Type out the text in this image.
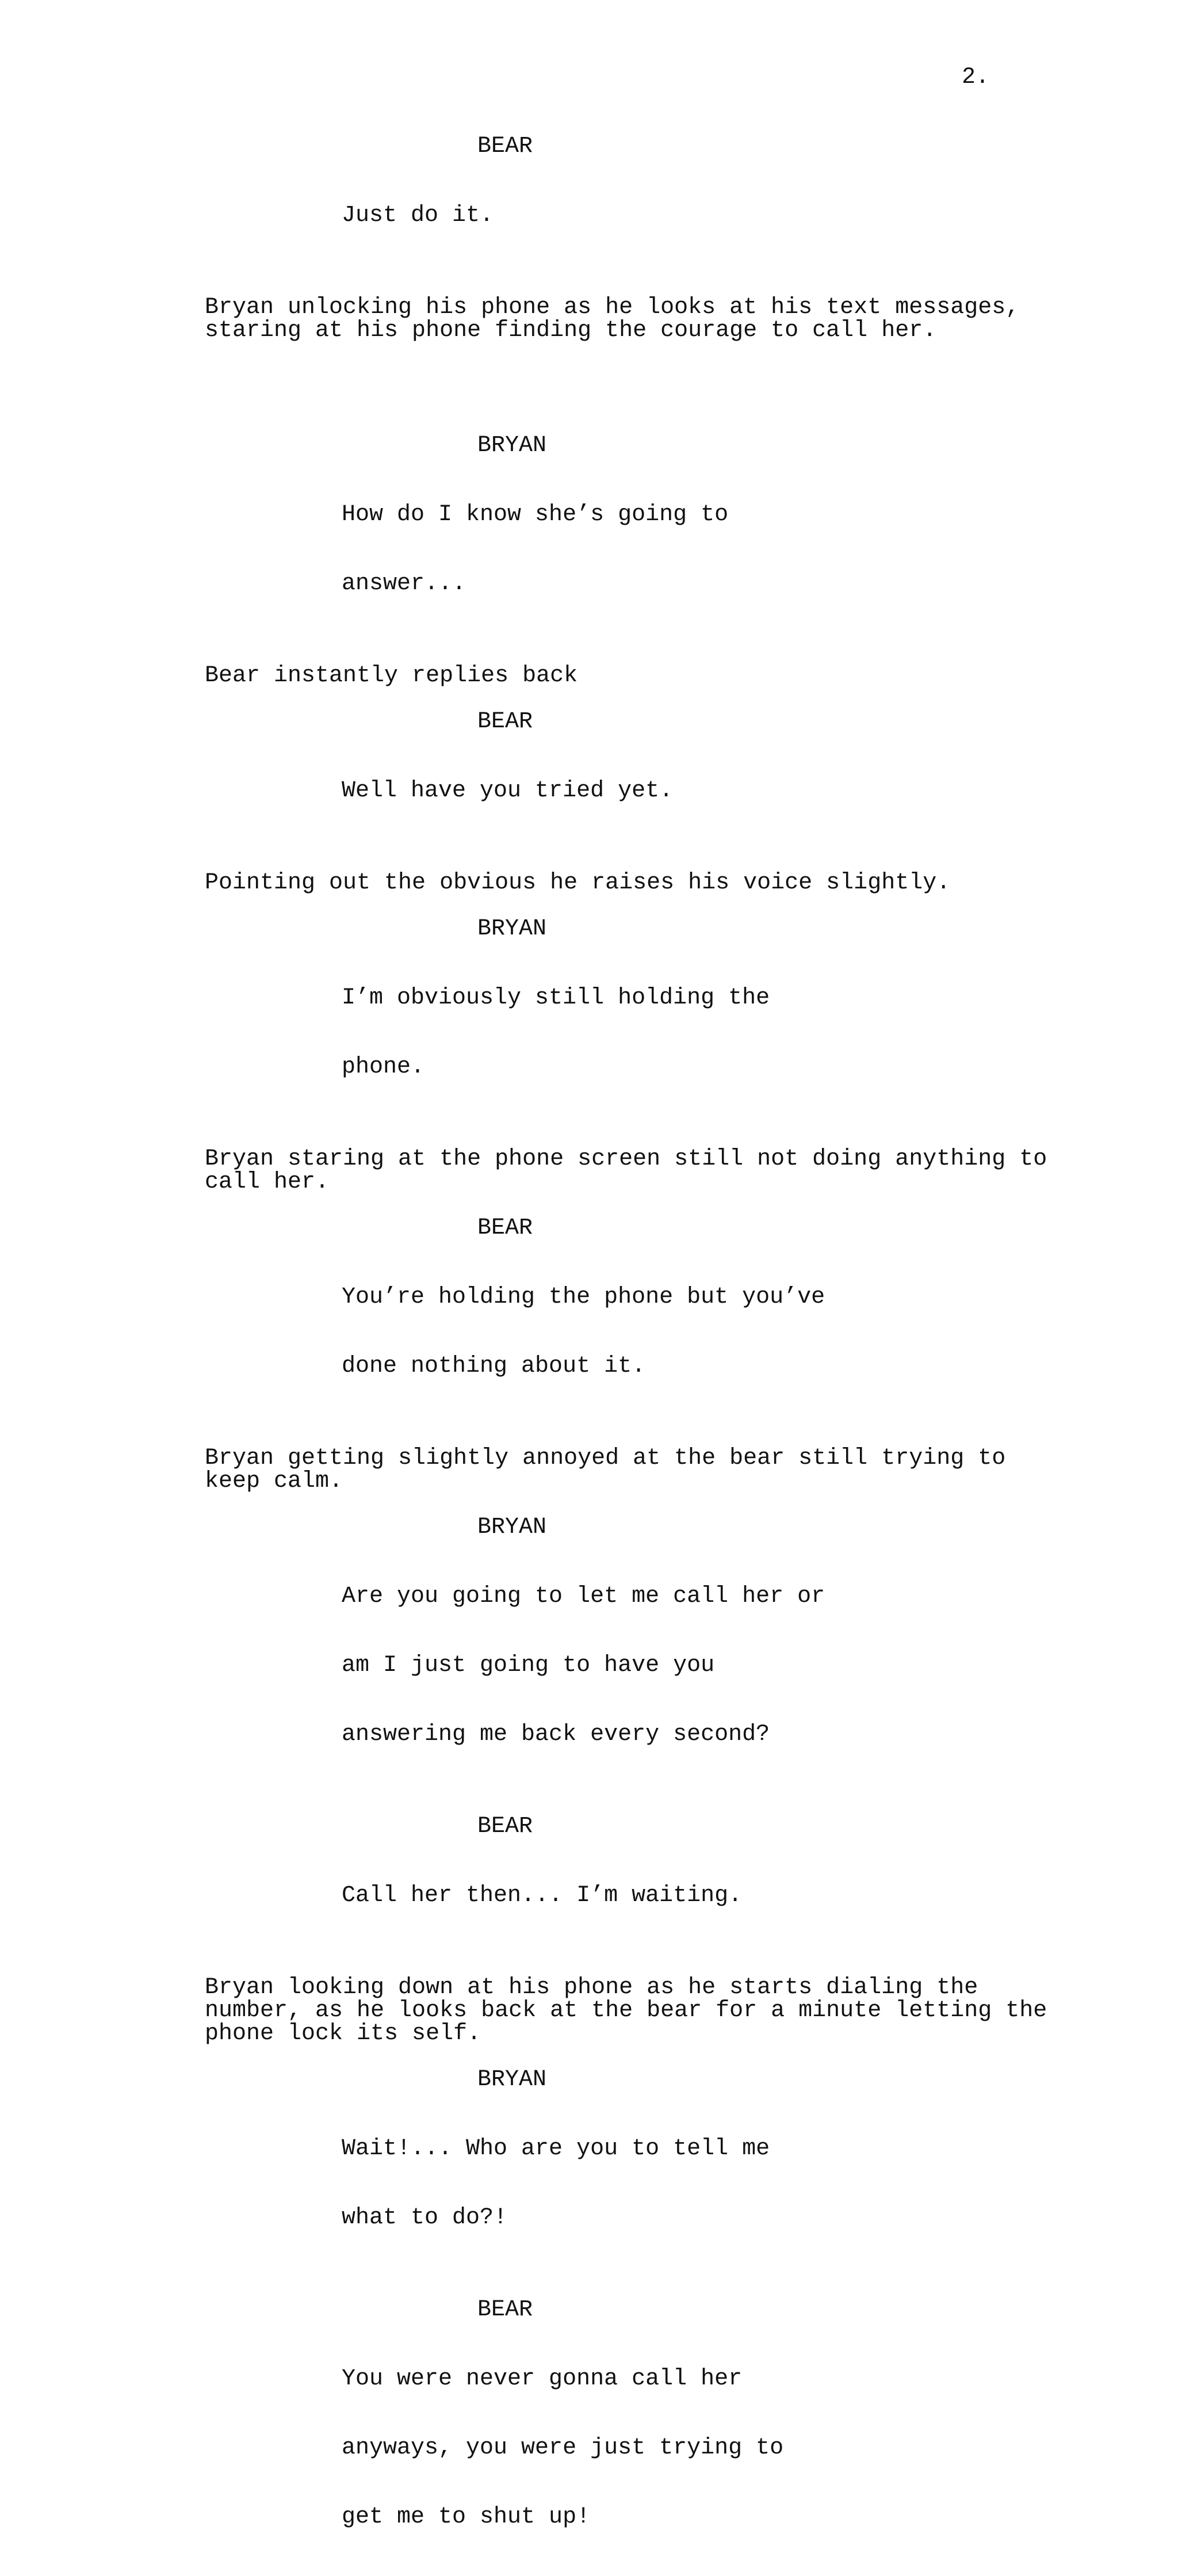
2.
BEAR

Just do it.

Bryan unlocking his phone as he looks at his text messages,
staring at his phone finding the courage to call her.
BRYAN

How do I know she’s going to

answer...

Bear instantly replies back
BEAR

Well have you tried yet.

Pointing out the obvious he raises his voice slightly.
BRYAN

I’m obviously still holding the

phone.

Bryan staring at the phone screen still not doing anything to
call her.
BEAR

You’re holding the phone but you’ve

done nothing about it.

Bryan getting slightly annoyed at the bear still trying to
keep calm.
BRYAN

Are you going to let me call her or

am I just going to have you

answering me back every second?

BEAR

Call her then... I’m waiting.

Bryan looking down at his phone as he starts dialing the
number, as he looks back at the bear for a minute letting the
phone lock its self.
BRYAN

Wait!... Who are you to tell me

what to do?!

BEAR

You were never gonna call her

anyways, you were just trying to

get me to shut up!
